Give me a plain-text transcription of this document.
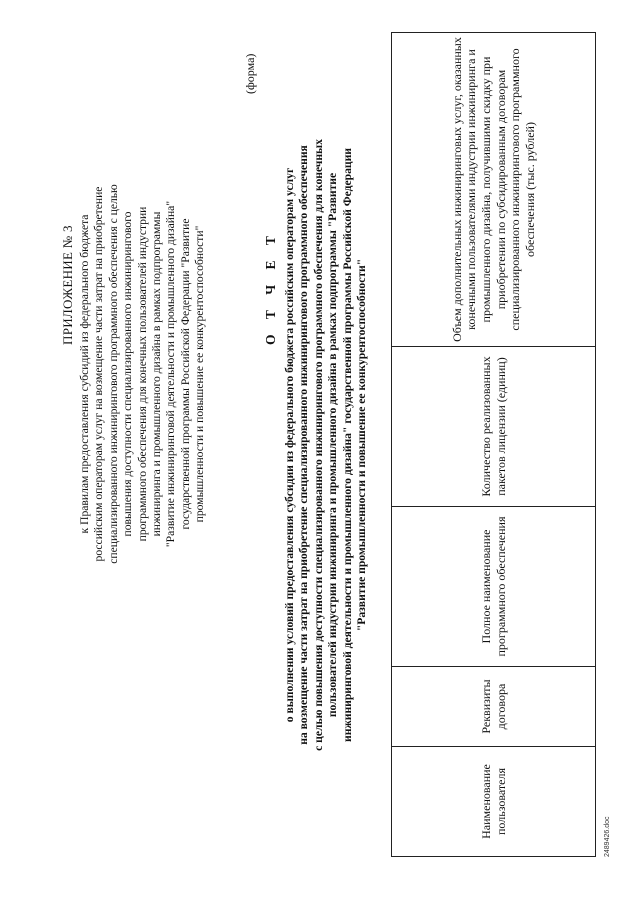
ПРИЛОЖЕНИЕ № 3 к Правилам предоставления субсидий из федерального бюджета российским операторам услуг на возмещение части затрат на приобретение специализированного инжинирингового программного обеспечения с целью повышения доступности специализированного инжинирингового программного обеспечения для конечных пользователей индустрии инжиниринга и промышленного дизайна в рамках подпрограммы "Развитие инжиниринговой деятельности и промышленного дизайна" государственной программы Российской Федерации "Развитие промышленности и повышение ее конкурентоспособности"
(форма)
О Т Ч Е Т о выполнении условий предоставления субсидии из федерального бюджета российским операторам услуг на возмещение части затрат на приобретение специализированного инжинирингового программного обеспечения с целью повышения доступности специализированного инжинирингового программного обеспечения для конечных пользователей индустрии инжиниринга и промышленного дизайна в рамках подпрограммы "Развитие инжиниринговой деятельности и промышленного дизайна" государственной программы Российской Федерации "Развитие промышленности и повышение ее конкурентоспособности"
Наименование пользователя	Реквизиты договора	Полное наименование программного обеспечения	Количество реализованных пакетов лицензии (единиц)	Объем дополнительных инжиниринговых услуг, оказанных конечными пользователями индустрии инжиниринга и промышленного дизайна, получившими скидку при приобретении по субсидированным договорам специализированного инжинирингового программного обеспечения (тыс. рублей)
2489426.doc
